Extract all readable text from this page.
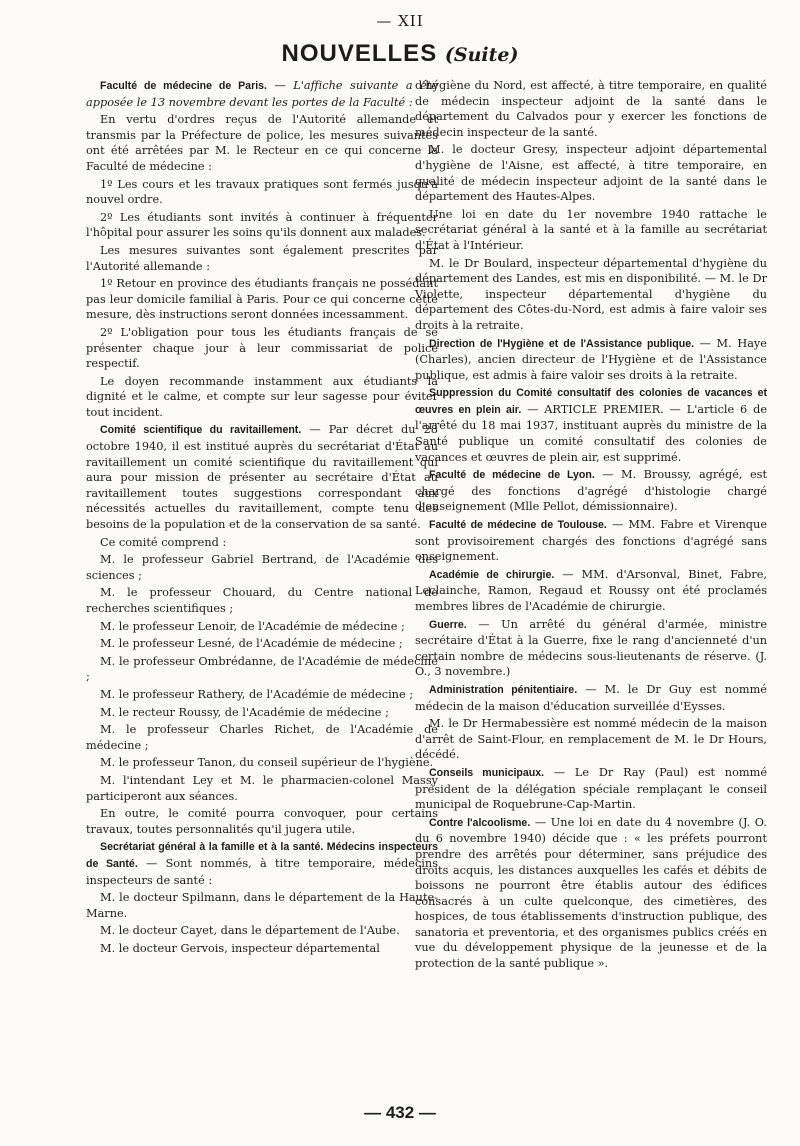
— XII
NOUVELLES (Suite)

Faculté de médecine de Paris. — L'affiche suivante a été apposée le 13 novembre devant les portes de la Faculté :

En vertu d'ordres reçus de l'Autorité allemande et transmis par la Préfecture de police, les mesures suivantes ont été arrêtées par M. le Recteur en ce qui concerne la Faculté de médecine :

1º Les cours et les travaux pratiques sont fermés jusqu'à nouvel ordre.

2º Les étudiants sont invités à continuer à fréquenter l'hôpital pour assurer les soins qu'ils donnent aux malades.

Les mesures suivantes sont également prescrites par l'Autorité allemande :

1º Retour en province des étudiants français ne possédant pas leur domicile familial à Paris. Pour ce qui concerne cette mesure, dès instructions seront données incessamment.

2º L'obligation pour tous les étudiants français de se présenter chaque jour à leur commissariat de police respectif.

Le doyen recommande instamment aux étudiants la dignité et le calme, et compte sur leur sagesse pour éviter tout incident.

Comité scientifique du ravitaillement. — Par décret du 28 octobre 1940, il est institué auprès du secrétariat d'État au ravitaillement un comité scientifique du ravitaillement qui aura pour mission de présenter au secrétaire d'État au ravitaillement toutes suggestions correspondant aux nécessités actuelles du ravitaillement, compte tenu des besoins de la population et de la conservation de sa santé.

Ce comité comprend :

M. le professeur Gabriel Bertrand, de l'Académie des sciences ;

M. le professeur Chouard, du Centre national de recherches scientifiques ;

M. le professeur Lenoir, de l'Académie de médecine ;

M. le professeur Lesné, de l'Académie de médecine ;

M. le professeur Ombrédanne, de l'Académie de médecine ;

M. le professeur Rathery, de l'Académie de médecine ;

M. le recteur Roussy, de l'Académie de médecine ;

M. le professeur Charles Richet, de l'Académie de médecine ;

M. le professeur Tanon, du conseil supérieur de l'hygiène.

M. l'intendant Ley et M. le pharmacien-colonel Massy participeront aux séances.

En outre, le comité pourra convoquer, pour certains travaux, toutes personnalités qu'il jugera utile.

Secrétariat général à la famille et à la santé. Médecins inspecteurs de Santé. — Sont nommés, à titre temporaire, médecins inspecteurs de santé :

M. le docteur Spilmann, dans le département de la Haute-Marne.

M. le docteur Cayet, dans le département de l'Aube.

M. le docteur Gervois, inspecteur départemental

d'hygiène du Nord, est affecté, à titre temporaire, en qualité de médecin inspecteur adjoint de la santé dans le département du Calvados pour y exercer les fonctions de médecin inspecteur de la santé.

M. le docteur Gresy, inspecteur adjoint départemental d'hygiène de l'Aisne, est affecté, à titre temporaire, en qualité de médecin inspecteur adjoint de la santé dans le département des Hautes-Alpes.

Une loi en date du 1er novembre 1940 rattache le secrétariat général à la santé et à la famille au secrétariat d'État à l'Intérieur.

M. le Dr Boulard, inspecteur départemental d'hygiène du département des Landes, est mis en disponibilité. — M. le Dr Violette, inspecteur départemental d'hygiène du département des Côtes-du-Nord, est admis à faire valoir ses droits à la retraite.

Direction de l'Hygiène et de l'Assistance publique. — M. Haye (Charles), ancien directeur de l'Hygiène et de l'Assistance publique, est admis à faire valoir ses droits à la retraite.

Suppression du Comité consultatif des colonies de vacances et œuvres en plein air. — ARTICLE PREMIER. — L'article 6 de l'arrêté du 18 mai 1937, instituant auprès du ministre de la Santé publique un comité consultatif des colonies de vacances et œuvres de plein air, est supprimé.

Faculté de médecine de Lyon. — M. Broussy, agrégé, est chargé des fonctions d'agrégé d'histologie chargé d'enseignement (Mlle Pellot, démissionnaire).

Faculté de médecine de Toulouse. — MM. Fabre et Virenque sont provisoirement chargés des fonctions d'agrégé sans enseignement.

Académie de chirurgie. — MM. d'Arsonval, Binet, Fabre, Leclainche, Ramon, Regaud et Roussy ont été proclamés membres libres de l'Académie de chirurgie.

Guerre. — Un arrêté du général d'armée, ministre secrétaire d'État à la Guerre, fixe le rang d'ancienneté d'un certain nombre de médecins sous-lieutenants de réserve. (J. O., 3 novembre.)

Administration pénitentiaire. — M. le Dr Guy est nommé médecin de la maison d'éducation surveillée d'Eysses.

M. le Dr Hermabessière est nommé médecin de la maison d'arrêt de Saint-Flour, en remplacement de M. le Dr Hours, décédé.

Conseils municipaux. — Le Dr Ray (Paul) est nommé président de la délégation spéciale remplaçant le conseil municipal de Roquebrune-Cap-Martin.

Contre l'alcoolisme. — Une loi en date du 4 novembre (J. O. du 6 novembre 1940) décide que : « les préfets pourront prendre des arrêtés pour déterminer, sans préjudice des droits acquis, les distances auxquelles les cafés et débits de boissons ne pourront être établis autour des édifices consacrés à un culte quelconque, des cimetières, des hospices, de tous établissements d'instruction publique, des sanatoria et preventoria, et des organismes publics créés en vue du développement physique de la jeunesse et de la protection de la santé publique ».

— 432 —
